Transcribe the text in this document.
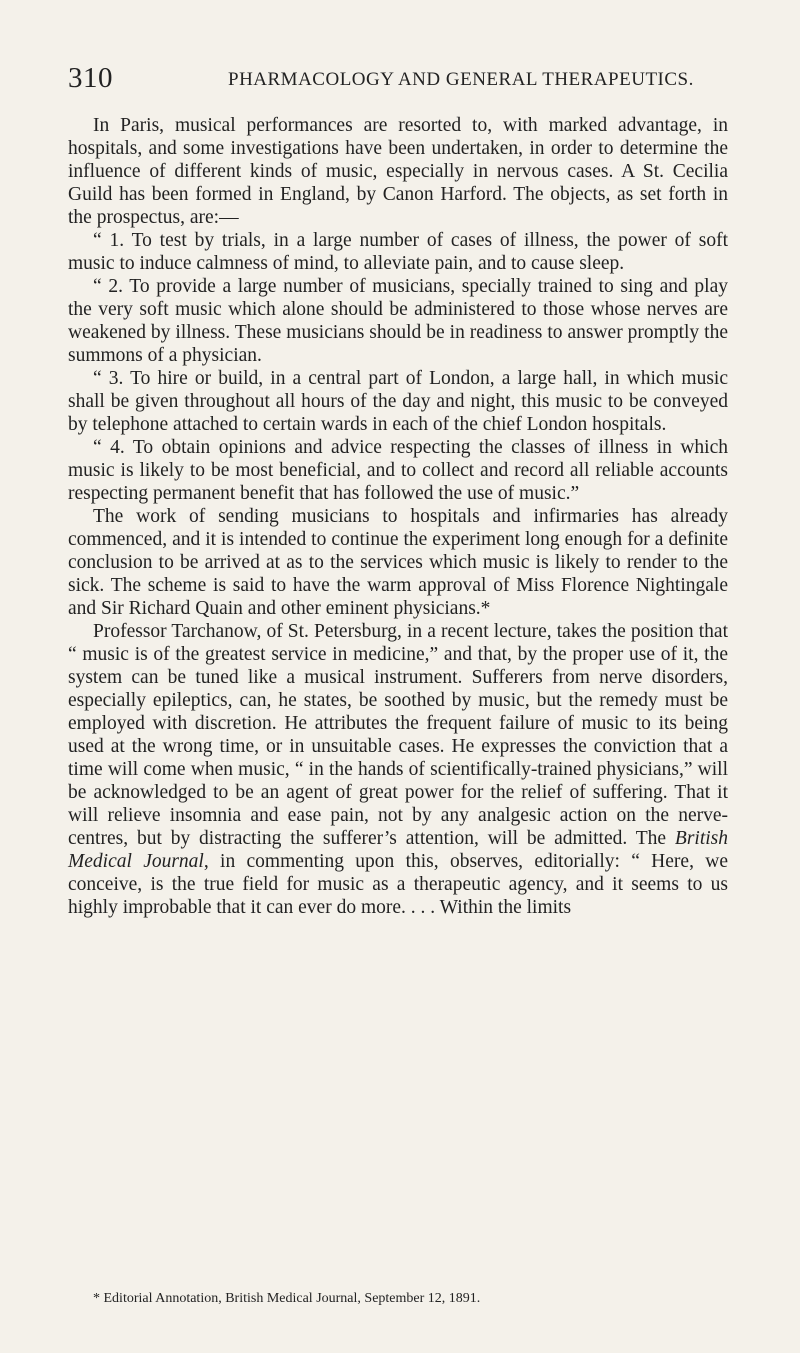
310	PHARMACOLOGY AND GENERAL THERAPEUTICS.

In Paris, musical performances are resorted to, with marked advantage, in hospitals, and some investigations have been undertaken, in order to determine the influence of different kinds of music, especially in nervous cases. A St. Cecilia Guild has been formed in England, by Canon Harford. The objects, as set forth in the prospectus, are:—

“ 1. To test by trials, in a large number of cases of illness, the power of soft music to induce calmness of mind, to alleviate pain, and to cause sleep.

“ 2. To provide a large number of musicians, specially trained to sing and play the very soft music which alone should be administered to those whose nerves are weakened by illness. These musicians should be in readiness to answer promptly the summons of a physician.

“ 3. To hire or build, in a central part of London, a large hall, in which music shall be given throughout all hours of the day and night, this music to be conveyed by telephone attached to certain wards in each of the chief London hospitals.

“ 4. To obtain opinions and advice respecting the classes of illness in which music is likely to be most beneficial, and to collect and record all reliable accounts respecting permanent benefit that has followed the use of music.”

The work of sending musicians to hospitals and infirmaries has already commenced, and it is intended to continue the experiment long enough for a definite conclusion to be arrived at as to the services which music is likely to render to the sick. The scheme is said to have the warm approval of Miss Florence Nightingale and Sir Richard Quain and other eminent physicians.*

Professor Tarchanow, of St. Petersburg, in a recent lecture, takes the position that “ music is of the greatest service in medicine,” and that, by the proper use of it, the system can be tuned like a musical instrument. Sufferers from nerve disorders, especially epileptics, can, he states, be soothed by music, but the remedy must be employed with discretion. He attributes the frequent failure of music to its being used at the wrong time, or in unsuitable cases. He expresses the conviction that a time will come when music, “ in the hands of scientifically-trained physicians,” will be acknowledged to be an agent of great power for the relief of suffering. That it will relieve insomnia and ease pain, not by any analgesic action on the nerve-centres, but by distracting the sufferer’s attention, will be admitted. The British Medical Journal, in commenting upon this, observes, editorially: “ Here, we conceive, is the true field for music as a therapeutic agency, and it seems to us highly improbable that it can ever do more. . . . Within the limits

* Editorial Annotation, British Medical Journal, September 12, 1891.
